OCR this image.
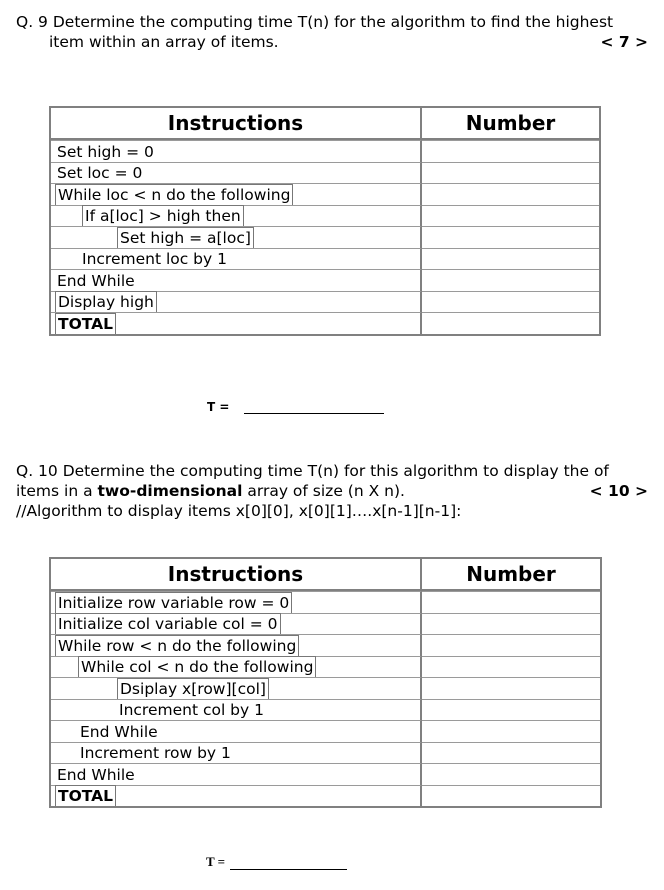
Q. 9 Determine the computing time T(n) for the algorithm to find the highest
item within an array of items.	< 7 >
Instructions	Number
Set high = 0
Set loc = 0
While loc < n do the following
If a[loc] > high then
Set high = a[loc]
Increment loc by 1
End While
Display high
TOTAL
T =
Q. 10 Determine the computing time T(n) for this algorithm to display the of
items in a two-dimensional array of size (n X n).	< 10 >
//Algorithm to display items x[0][0], x[0][1]….x[n-1][n-1]:
Instructions	Number
Initialize row variable row = 0
Initialize col variable col = 0
While row < n do the following
While col < n do the following
Dsiplay x[row][col]
Increment col by 1
End While
Increment row by 1
End While
TOTAL
T =
